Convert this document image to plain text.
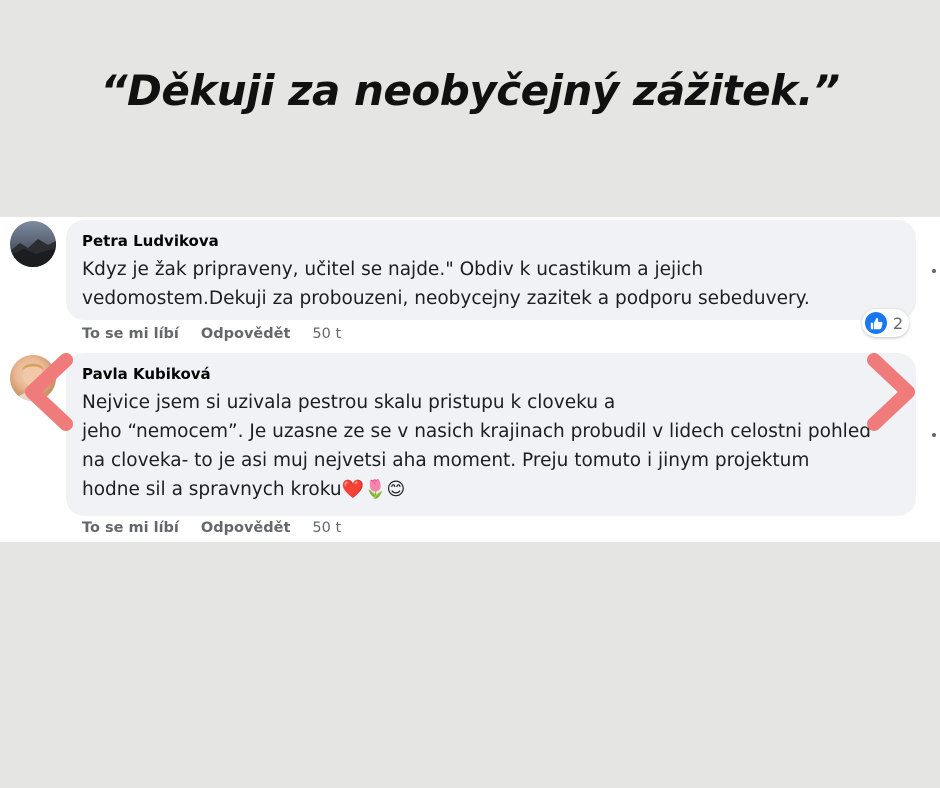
“Děkuji za neobyčejný zážitek.”
Petra Ludvikova
Kdyz je žak pripraveny, učitel se najde." Obdiv k ucastikum a jejich
vedomostem.Dekuji za probouzeni, neobycejny zazitek a podporu sebeduvery.
2
To se mi líbí Odpovědět 50 t
Pavla Kubiková
Nejvice jsem si uzivala pestrou skalu pristupu k cloveku a
jeho “nemocem”. Je uzasne ze se v nasich krajinach probudil v lidech celostni pohled
na cloveka- to je asi muj nejvetsi aha moment. Preju tomuto i jinym projektum
hodne sil a spravnych kroku❤️🌷😊
To se mi líbí Odpovědět 50 t
